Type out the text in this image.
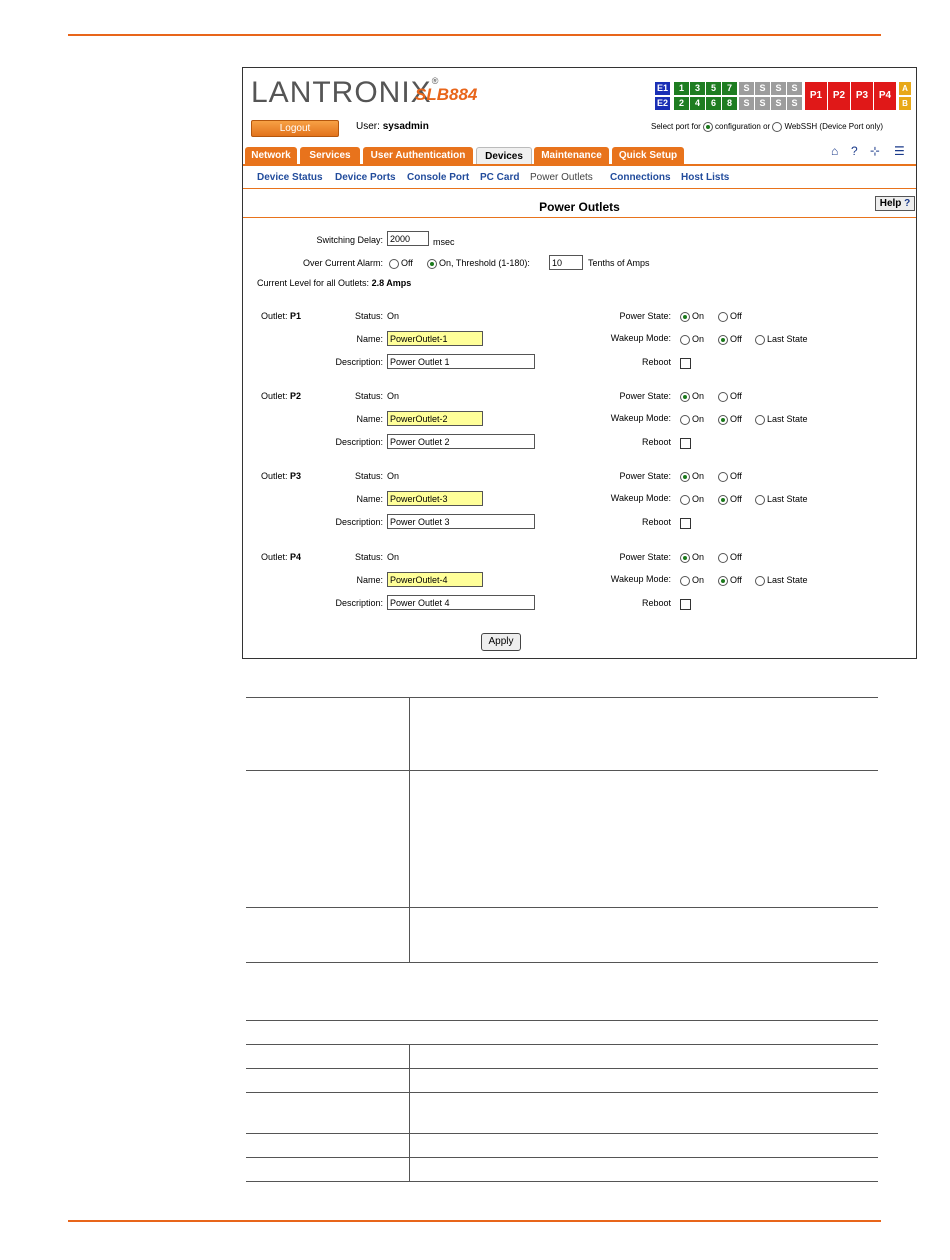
LANTRONIX®
SLB884
Logout	User: sysadmin
E1
E2
1	3	5	7	S	S	S	S
2	4	6	8	S	S	S	S
P1	P2	P3	P4
A
B
Select port for configuration or WebSSH (Device Port only)
Network	Services	User Authentication	Devices	Maintenance	Quick Setup	⌂ ? ⊹ ☰
Device Status Device Ports Console Port PC Card Power Outlets Connections Host Lists
Power Outlets	Help ?
Switching Delay: 2000	msec
Over Current Alarm:	Off	On, Threshold (1-180):	10	Tenths of Amps
Current Level for all Outlets: 2.8 Amps
Outlet: P1	Status: On
Name: PowerOutlet-1
Description: Power Outlet 1
Power State:	On	Off
Wakeup Mode:	On	Off	Last State
Reboot
Outlet: P2	Status: On
Name: PowerOutlet-2
Description: Power Outlet 2
Power State:	On	Off
Wakeup Mode:	On	Off	Last State
Reboot
Outlet: P3	Status: On
Name: PowerOutlet-3
Description: Power Outlet 3
Power State:	On	Off
Wakeup Mode:	On	Off	Last State
Reboot
Outlet: P4	Status: On
Name: PowerOutlet-4
Description: Power Outlet 4
Power State:	On	Off
Wakeup Mode:	On	Off	Last State
Reboot
Apply
